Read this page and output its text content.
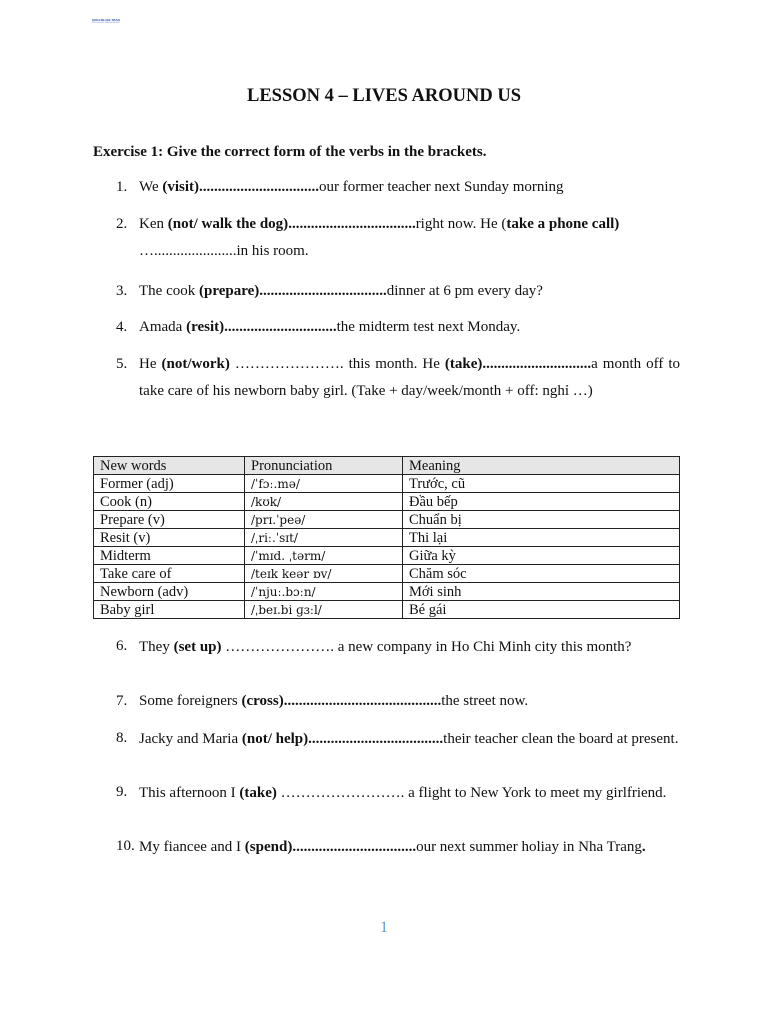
ENGLISH BE TRAN
ENGLISH BE TRAN ACADEMY
LESSON 4 – LIVES AROUND US
Exercise 1: Give the correct form of the verbs in the brackets.
1. We (visit)................................our former teacher next Sunday morning
2. Ken (not/ walk the dog)..................................right now. He (take a phone call) …......................in his room.
3. The cook (prepare)..................................dinner at 6 pm every day?
4. Amada (resit)..............................the midterm test next Monday.
5. He (not/work) …………………. this month. He (take).............................a month off to take care of his newborn baby girl. (Take + day/week/month + off: nghỉ …)
New words	Pronunciation	Meaning
Former (adj)	/ˈfɔː.mə/	Trước, cũ
Cook (n)	/kʊk/	Đầu bếp
Prepare (v)	/prɪ.ˈpeə/	Chuẩn bị
Resit (v)	/ˌriː.ˈsɪt/	Thi lại
Midterm	/ˈmɪd. ˌtərm/	Giữa kỳ
Take care of	/teɪk keər ɒv/	Chăm sóc
Newborn (adv)	/ˈnjuː.bɔːn/	Mới sinh
Baby girl	/ˌbeɪ.bi ɡɜːl/	Bé gái
6. They (set up) …………………. a new company in Ho Chi Minh city this month?
7. Some foreigners (cross)..........................................the street now.
8. Jacky and Maria (not/ help)....................................their teacher clean the board at present.
9. This afternoon I (take) ……………………. a flight to New York to meet my girlfriend.
10. My fiancee and I (spend).................................our next summer holiay in Nha Trang.
1
